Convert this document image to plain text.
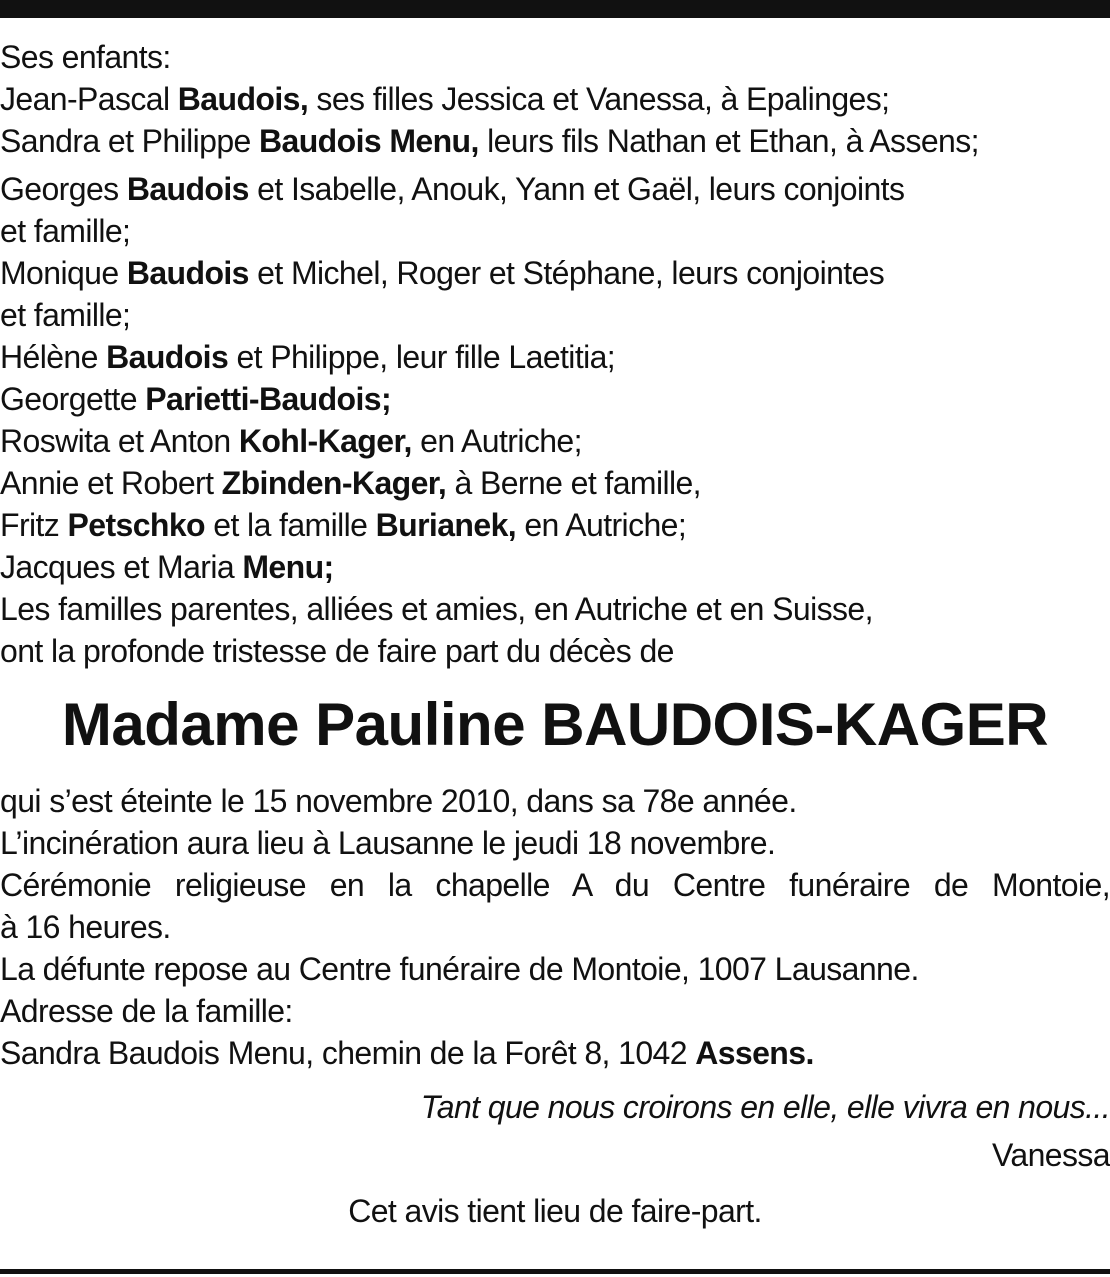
Ses enfants:
Jean-Pascal Baudois, ses filles Jessica et Vanessa, à Epalinges;
Sandra et Philippe Baudois Menu, leurs fils Nathan et Ethan, à Assens;
Georges Baudois et Isabelle, Anouk, Yann et Gaël, leurs conjoints
et famille;
Monique Baudois et Michel, Roger et Stéphane, leurs conjointes
et famille;
Hélène Baudois et Philippe, leur fille Laetitia;
Georgette Parietti-Baudois;
Roswita et Anton Kohl-Kager, en Autriche;
Annie et Robert Zbinden-Kager, à Berne et famille,
Fritz Petschko et la famille Burianek, en Autriche;
Jacques et Maria Menu;
Les familles parentes, alliées et amies, en Autriche et en Suisse,
ont la profonde tristesse de faire part du décès de
Madame Pauline BAUDOIS-KAGER
qui s’est éteinte le 15 novembre 2010, dans sa 78e année.
L’incinération aura lieu à Lausanne le jeudi 18 novembre.
Cérémonie religieuse en la chapelle A du Centre funéraire de Montoie,
à 16 heures.
La défunte repose au Centre funéraire de Montoie, 1007 Lausanne.
Adresse de la famille:
Sandra Baudois Menu, chemin de la Forêt 8, 1042 Assens.
Tant que nous croirons en elle, elle vivra en nous...
Vanessa
Cet avis tient lieu de faire-part.
